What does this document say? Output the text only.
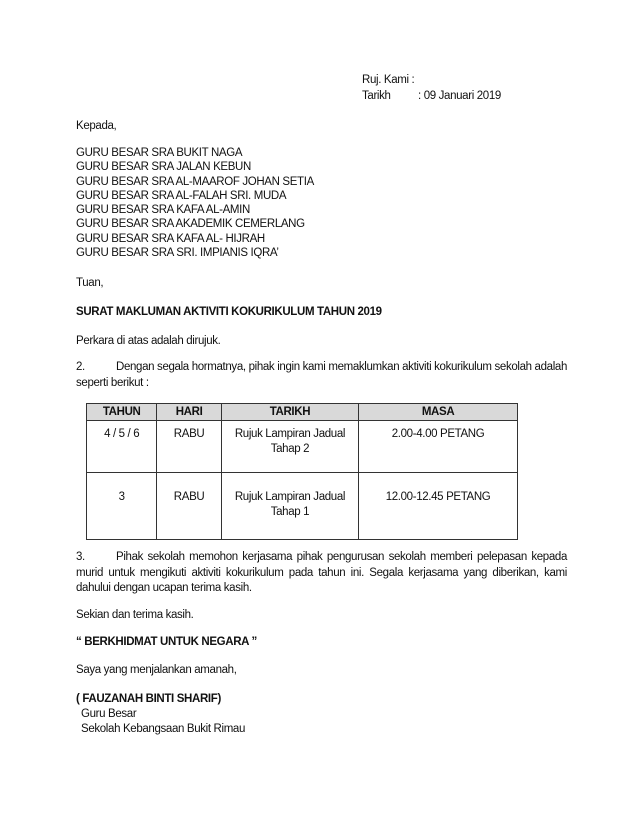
Ruj. Kami :
Tarikh : 09 Januari 2019
Kepada,
GURU BESAR SRA BUKIT NAGA
GURU BESAR SRA JALAN KEBUN
GURU BESAR SRA AL-MAAROF JOHAN SETIA
GURU BESAR SRA AL-FALAH SRI. MUDA
GURU BESAR SRA KAFA AL-AMIN
GURU BESAR SRA AKADEMIK CEMERLANG
GURU BESAR SRA KAFA AL- HIJRAH
GURU BESAR SRA SRI. IMPIANIS IQRA’
Tuan,
SURAT MAKLUMAN AKTIVITI KOKURIKULUM TAHUN 2019
Perkara di atas adalah dirujuk.
2.	Dengan segala hormatnya, pihak ingin kami memaklumkan aktiviti kokurikulum sekolah adalah seperti berikut :
TAHUN	HARI	TARIKH	MASA
4 / 5 / 6	RABU	Rujuk Lampiran Jadual Tahap 2	2.00-4.00 PETANG
3	RABU	Rujuk Lampiran Jadual Tahap 1	12.00-12.45 PETANG
3.	Pihak sekolah memohon kerjasama pihak pengurusan sekolah memberi pelepasan kepada murid untuk mengikuti aktiviti kokurikulum pada tahun ini. Segala kerjasama yang diberikan, kami dahului dengan ucapan terima kasih.
Sekian dan terima kasih.
“ BERKHIDMAT UNTUK NEGARA ”
Saya yang menjalankan amanah,
( FAUZANAH BINTI SHARIF)
Guru Besar
Sekolah Kebangsaan Bukit Rimau
